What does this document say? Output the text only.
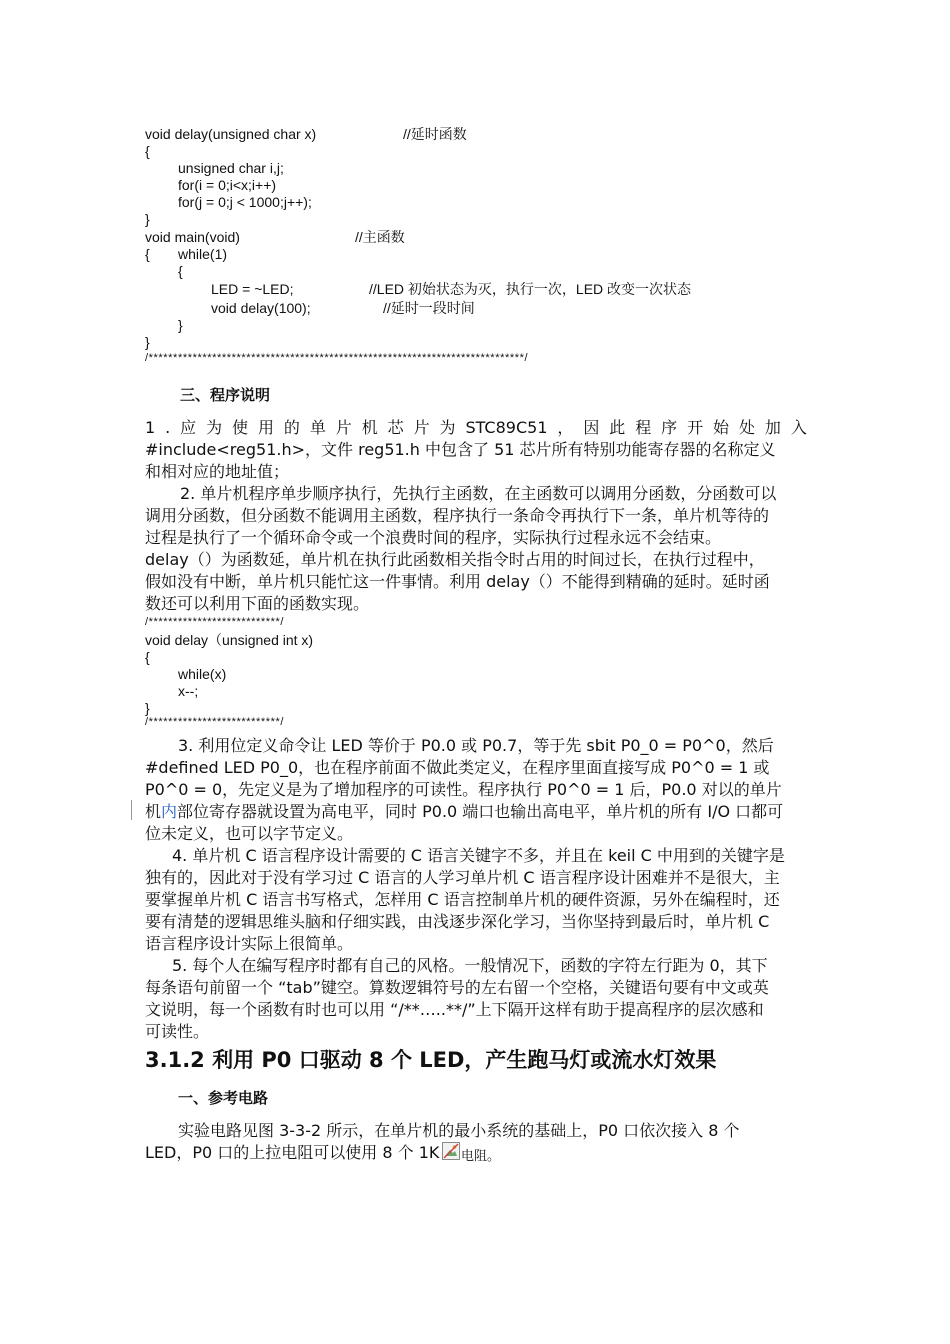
void delay(unsigned char x)	//延时函数
{
unsigned char i,j;
for(i = 0;i<x;i++)
for(j = 0;j < 1000;j++);
}
void main(void)	//主函数
{ while(1)
{
LED = ~LED;	//LED 初始状态为灭，执行一次，LED 改变一次状态
void delay(100);	//延时一段时间
}
}
/*****************************************************************************/
三、程序说明
1 . 应 为 使 用 的 单 片 机 芯 片 为 STC89C51 ， 因 此 程 序 开 始 处 加 入
#include<reg51.h>，文件 reg51.h 中包含了 51 芯片所有特别功能寄存器的名称定义
和相对应的地址值；
2. 单片机程序单步顺序执行，先执行主函数，在主函数可以调用分函数，分函数可以
调用分函数，但分函数不能调用主函数，程序执行一条命令再执行下一条，单片机等待的
过程是执行了一个循环命令或一个浪费时间的程序，实际执行过程永远不会结束。
delay（）为函数延，单片机在执行此函数相关指令时占用的时间过长，在执行过程中，
假如没有中断，单片机只能忙这一件事情。利用 delay（）不能得到精确的延时。延时函
数还可以利用下面的函数实现。
/***************************/
void delay（unsigned int x)
{
while(x)
x--;
}
/***************************/
3. 利用位定义命令让 LED 等价于 P0.0 或 P0.7，等于先 sbit P0_0 = P0^0，然后
#defined LED P0_0，也在程序前面不做此类定义，在程序里面直接写成 P0^0 = 1 或
P0^0 = 0，先定义是为了增加程序的可读性。程序执行 P0^0 = 1 后，P0.0 对以的单片
机内部位寄存器就设置为高电平，同时 P0.0 端口也输出高电平，单片机的所有 I/O 口都可
位未定义，也可以字节定义。
4. 单片机 C 语言程序设计需要的 C 语言关键字不多，并且在 keil C 中用到的关键字是
独有的，因此对于没有学习过 C 语言的人学习单片机 C 语言程序设计困难并不是很大，主
要掌握单片机 C 语言书写格式，怎样用 C 语言控制单片机的硬件资源，另外在编程时，还
要有清楚的逻辑思维头脑和仔细实践，由浅逐步深化学习，当你坚持到最后时，单片机 C
语言程序设计实际上很简单。
5. 每个人在编写程序时都有自己的风格。一般情况下，函数的字符左行距为 0，其下
每条语句前留一个 “tab”键空。算数逻辑符号的左右留一个空格，关键语句要有中文或英
文说明，每一个函数有时也可以用 “/**…..**/”上下隔开这样有助于提高程序的层次感和
可读性。
3.1.2 利用 P0 口驱动 8 个 LED，产生跑马灯或流水灯效果
一、参考电路
实验电路见图 3-3-2 所示，在单片机的最小系统的基础上，P0 口依次接入 8 个
LED，P0 口的上拉电阻可以使用 8 个 1K 电阻。
